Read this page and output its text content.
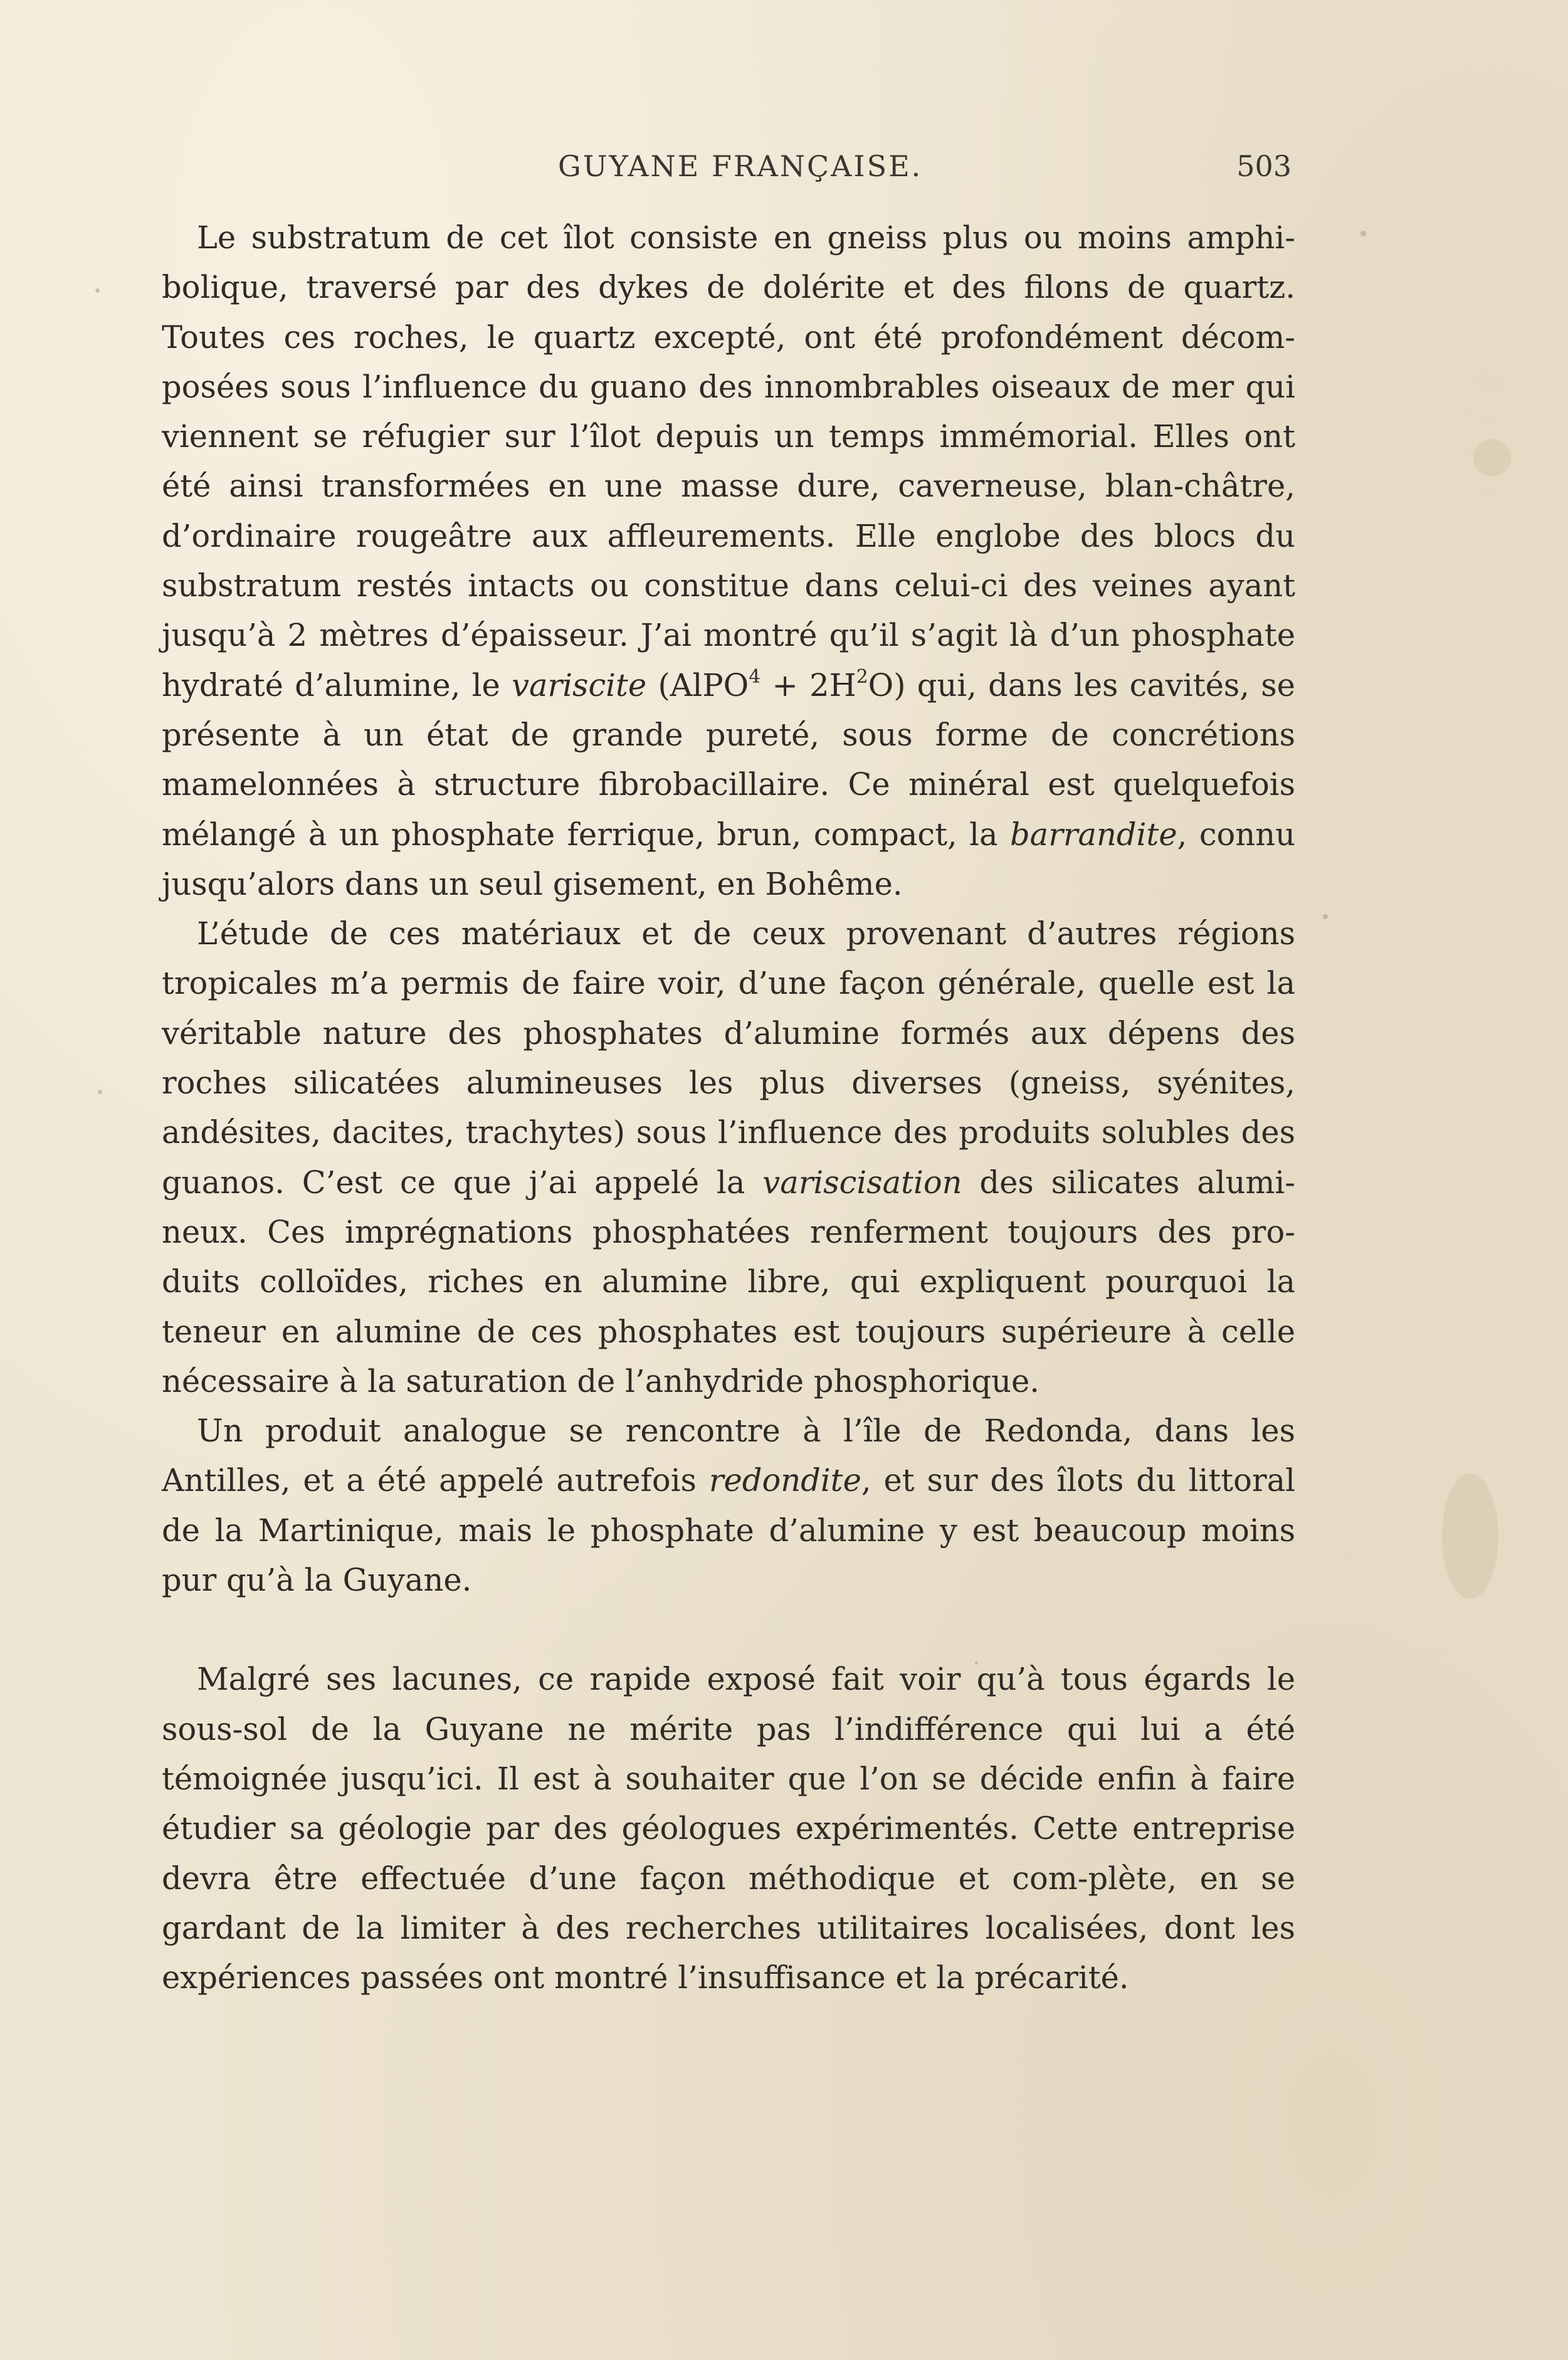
GUYANE FRANÇAISE.	503

Le substratum de cet îlot consiste en gneiss plus ou moins amphi-bolique, traversé par des dykes de dolérite et des filons de quartz. Toutes ces roches, le quartz excepté, ont été profondément décom-posées sous l’influence du guano des innombrables oiseaux de mer qui viennent se réfugier sur l’îlot depuis un temps immémorial. Elles ont été ainsi transformées en une masse dure, caverneuse, blan-châtre, d’ordinaire rougeâtre aux affleurements. Elle englobe des blocs du substratum restés intacts ou constitue dans celui-ci des veines ayant jusqu’à 2 mètres d’épaisseur. J’ai montré qu’il s’agit là d’un phosphate hydraté d’alumine, le variscite (AlPO$^4$ + $2H^2O$) qui, dans les cavités, se présente à un état de grande pureté, sous forme de concrétions mamelonnées à structure fibrobacillaire. Ce minéral est quelquefois mélangé à un phosphate ferrique, brun, compact, la barrandite, connu jusqu’alors dans un seul gisement, en Bohême.

L’étude de ces matériaux et de ceux provenant d’autres régions tropicales m’a permis de faire voir, d’une façon générale, quelle est la véritable nature des phosphates d’alumine formés aux dépens des roches silicatées alumineuses les plus diverses (gneiss, syénites, andésites, dacites, trachytes) sous l’influence des produits solubles des guanos. C’est ce que j’ai appelé la variscisation des silicates alumi-neux. Ces imprégnations phosphatées renferment toujours des pro-duits colloïdes, riches en alumine libre, qui expliquent pourquoi la teneur en alumine de ces phosphates est toujours supérieure à celle nécessaire à la saturation de l’anhydride phosphorique.

Un produit analogue se rencontre à l’île de Redonda, dans les Antilles, et a été appelé autrefois redondite, et sur des îlots du littoral de la Martinique, mais le phosphate d’alumine y est beaucoup moins pur qu’à la Guyane.

Malgré ses lacunes, ce rapide exposé fait voir qu’à tous égards le sous-sol de la Guyane ne mérite pas l’indifférence qui lui a été témoignée jusqu’ici. Il est à souhaiter que l’on se décide enfin à faire étudier sa géologie par des géologues expérimentés. Cette entreprise devra être effectuée d’une façon méthodique et com-plète, en se gardant de la limiter à des recherches utilitaires localisées, dont les expériences passées ont montré l’insuffisance et la précarité.
